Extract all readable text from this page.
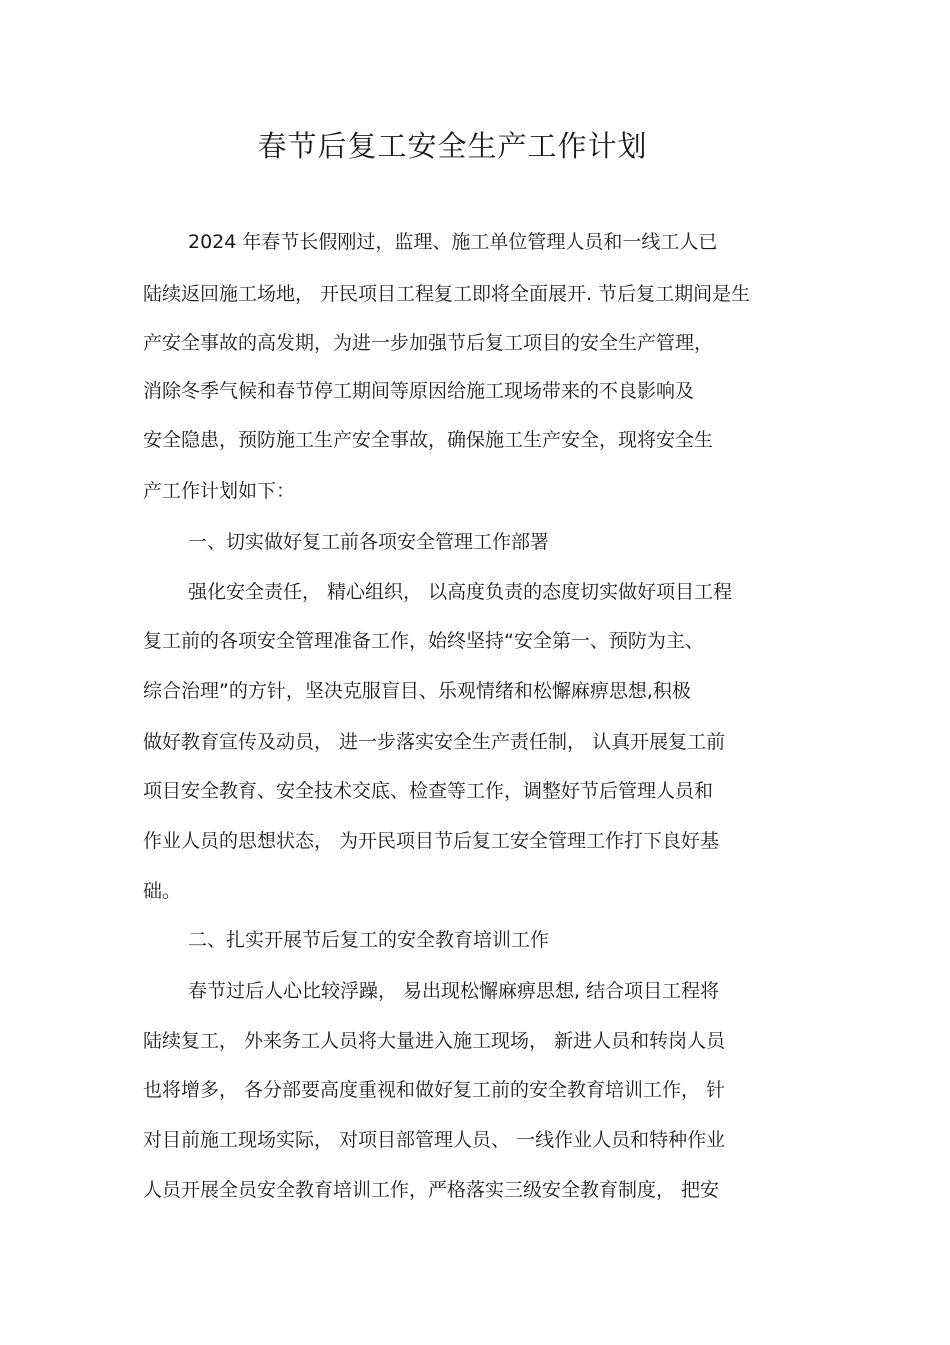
春节后复工安全生产工作计划
2024 年春节长假刚过，监理、施工单位管理人员和一线工人已
陆续返回施工场地， 开民项目工程复工即将全面展开. 节后复工期间是生
产安全事故的高发期，为进一步加强节后复工项目的安全生产管理，
消除冬季气候和春节停工期间等原因给施工现场带来的不良影响及
安全隐患，预防施工生产安全事故，确保施工生产安全，现将安全生
产工作计划如下：
一、切实做好复工前各项安全管理工作部署
强化安全责任， 精心组织， 以高度负责的态度切实做好项目工程
复工前的各项安全管理准备工作，始终坚持“安全第一、预防为主、
综合治理”的方针，坚决克服盲目、乐观情绪和松懈麻痹思想,积极
做好教育宣传及动员， 进一步落实安全生产责任制， 认真开展复工前
项目安全教育、安全技术交底、检查等工作，调整好节后管理人员和
作业人员的思想状态， 为开民项目节后复工安全管理工作打下良好基
础。
二、扎实开展节后复工的安全教育培训工作
春节过后人心比较浮躁， 易出现松懈麻痹思想, 结合项目工程将
陆续复工， 外来务工人员将大量进入施工现场， 新进人员和转岗人员
也将增多， 各分部要高度重视和做好复工前的安全教育培训工作， 针
对目前施工现场实际， 对项目部管理人员、 一线作业人员和特种作业
人员开展全员安全教育培训工作，严格落实三级安全教育制度， 把安
